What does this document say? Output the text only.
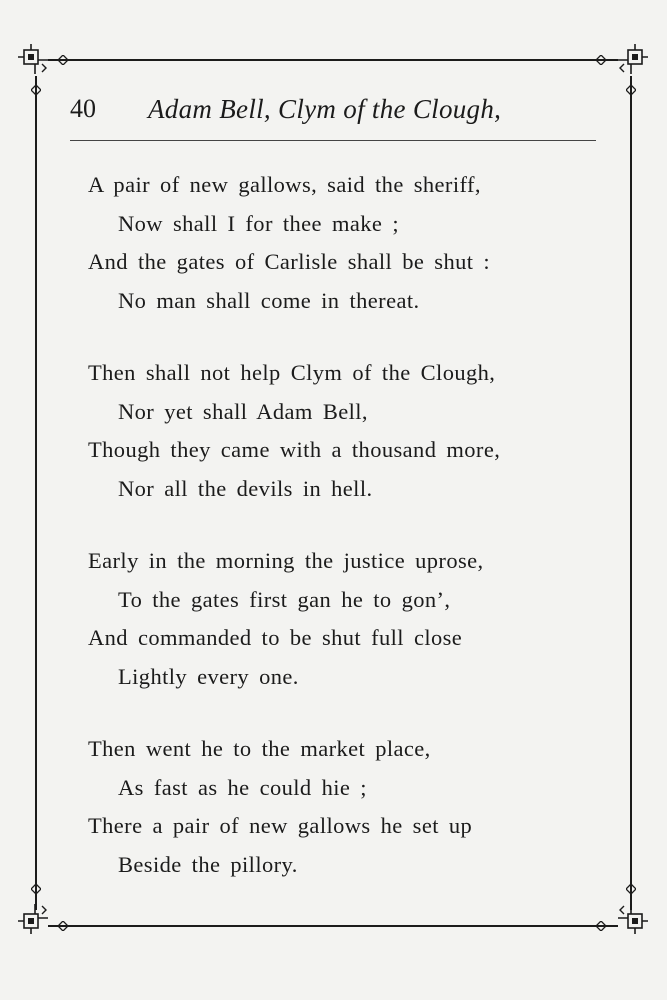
40 Adam Bell, Clym of the Clough,
A pair of new gallows, said the sheriff,
Now shall I for thee make ;
And the gates of Carlisle shall be shut :
No man shall come in thereat.
Then shall not help Clym of the Clough,
Nor yet shall Adam Bell,
Though they came with a thousand more,
Nor all the devils in hell.
Early in the morning the justice uprose,
To the gates first gan he to gon’,
And commanded to be shut full close
Lightly every one.
Then went he to the market place,
As fast as he could hie ;
There a pair of new gallows he set up
Beside the pillory.
